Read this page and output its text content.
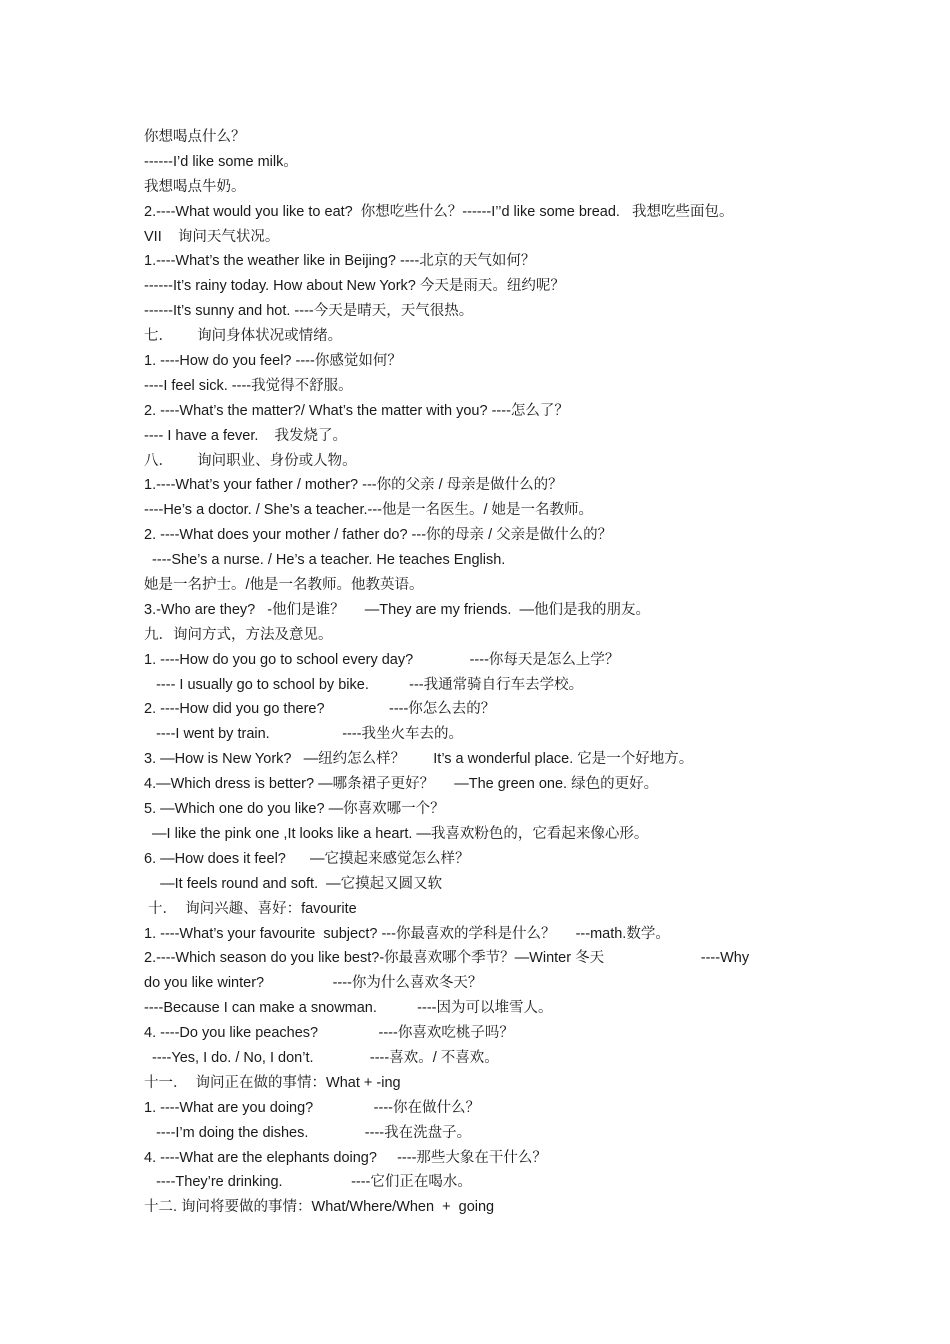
你想喝点什么？
------I’d like some milk。
我想喝点牛奶。
2.----What would you like to eat?  你想吃些什么？------I’’d like some bread.   我想吃些面包。
VII    询问天气状况。
1.----What’s the weather like in Beijing? ----北京的天气如何？
------It’s rainy today. How about New York? 今天是雨天。纽约呢？
------It’s sunny and hot. ----今天是晴天，天气很热。
七．      询问身体状况或情绪。
1. ----How do you feel? ----你感觉如何？
----I feel sick. ----我觉得不舒服。
2. ----What’s the matter?/ What’s the matter with you? ----怎么了？
---- I have a fever.    我发烧了。
八．      询问职业、身份或人物。
1.----What’s your father / mother? ---你的父亲 / 母亲是做什么的？
----He’s a doctor. / She’s a teacher.---他是一名医生。/ 她是一名教师。
2. ----What does your mother / father do? ---你的母亲 / 父亲是做什么的？
----She’s a nurse. / He’s a teacher. He teaches English.
她是一名护士。/他是一名教师。他教英语。
3.-Who are they?   -他们是谁？     —They are my friends.  —他们是我的朋友。
九．询问方式，方法及意见。
1. ----How do you go to school every day?              ----你每天是怎么上学？
---- I usually go to school by bike.          ---我通常骑自行车去学校。
2. ----How did you go there?                ----你怎么去的？
----I went by train.                  ----我坐火车去的。
3. —How is New York?   —纽约怎么样？       It’s a wonderful place. 它是一个好地方。
4.—Which dress is better? —哪条裙子更好？     —The green one. 绿色的更好。
5. —Which one do you like? —你喜欢哪一个？
—I like the pink one ,It looks like a heart. —我喜欢粉色的，它看起来像心形。
6. —How does it feel?      —它摸起来感觉怎么样？
—It feels round and soft.  —它摸起又圆又软
十．  询问兴趣、喜好：favourite
1. ----What’s your favourite  subject? ---你最喜欢的学科是什么？     ---math.数学。
2.----Which season do you like best?-你最喜欢哪个季节？—Winter 冬天                        ----Why
do you like winter?                 ----你为什么喜欢冬天？
----Because I can make a snowman.          ----因为可以堆雪人。
4. ----Do you like peaches?               ----你喜欢吃桃子吗？
----Yes, I do. / No, I don’t.              ----喜欢。/ 不喜欢。
十一．  询问正在做的事情：What + -ing
1. ----What are you doing?               ----你在做什么？
----I’m doing the dishes.              ----我在洗盘子。
4. ----What are the elephants doing?     ----那些大象在干什么？
----They’re drinking.                 ----它们正在喝水。
十二. 询问将要做的事情：What/Where/When  +  going
